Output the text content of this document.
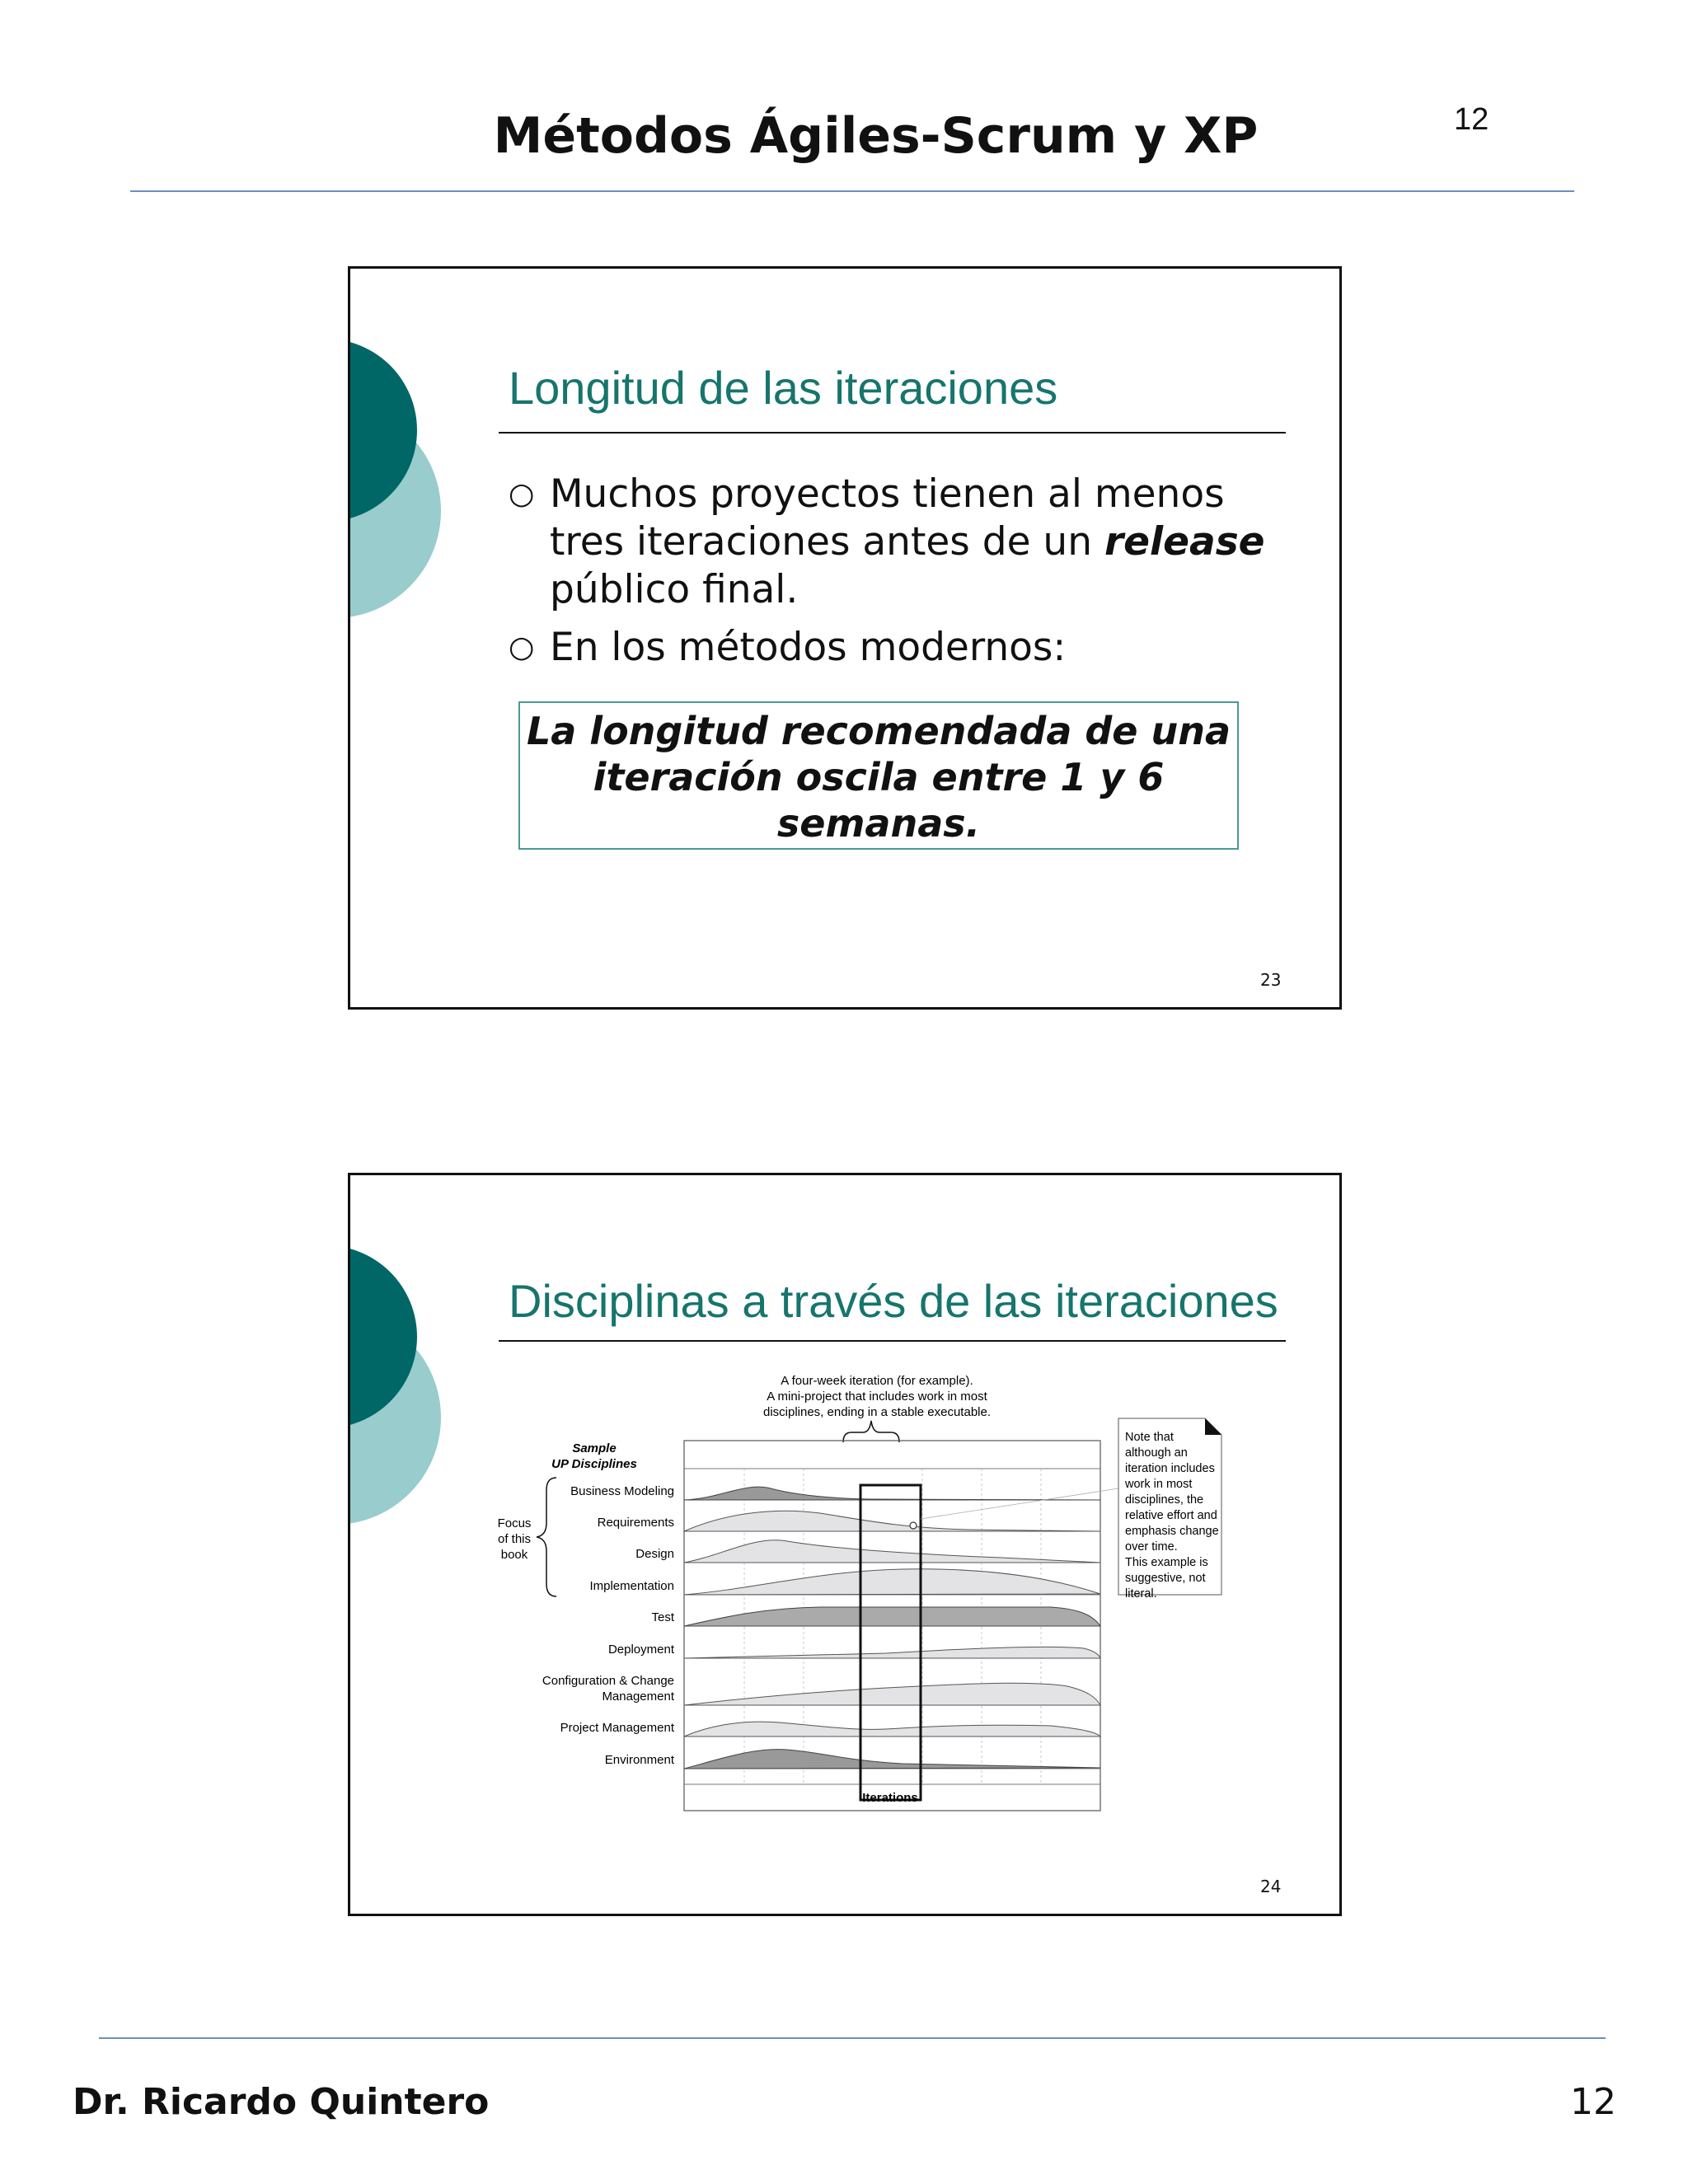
12
Métodos Ágiles-Scrum y XP
Longitud de las iteraciones
○ Muchos proyectos tienen al menos tres iteraciones antes de un release público final.
○ En los métodos modernos:
La longitud recomendada de una iteración oscila entre 1 y 6 semanas.
23
Disciplinas a través de las iteraciones
A four-week iteration (for example).
A mini-project that includes work in most
disciplines, ending in a stable executable.
Sample
UP Disciplines
Focus
of this
book
Business Modeling
Requirements
Design
Implementation
Test
Deployment
Configuration & Change
Management
Project Management
Environment
Iterations
Note that
although an
iteration includes
work in most
disciplines, the
relative effort and
emphasis change
over time.
This example is
suggestive, not
literal.
24
Dr. Ricardo Quintero	12
